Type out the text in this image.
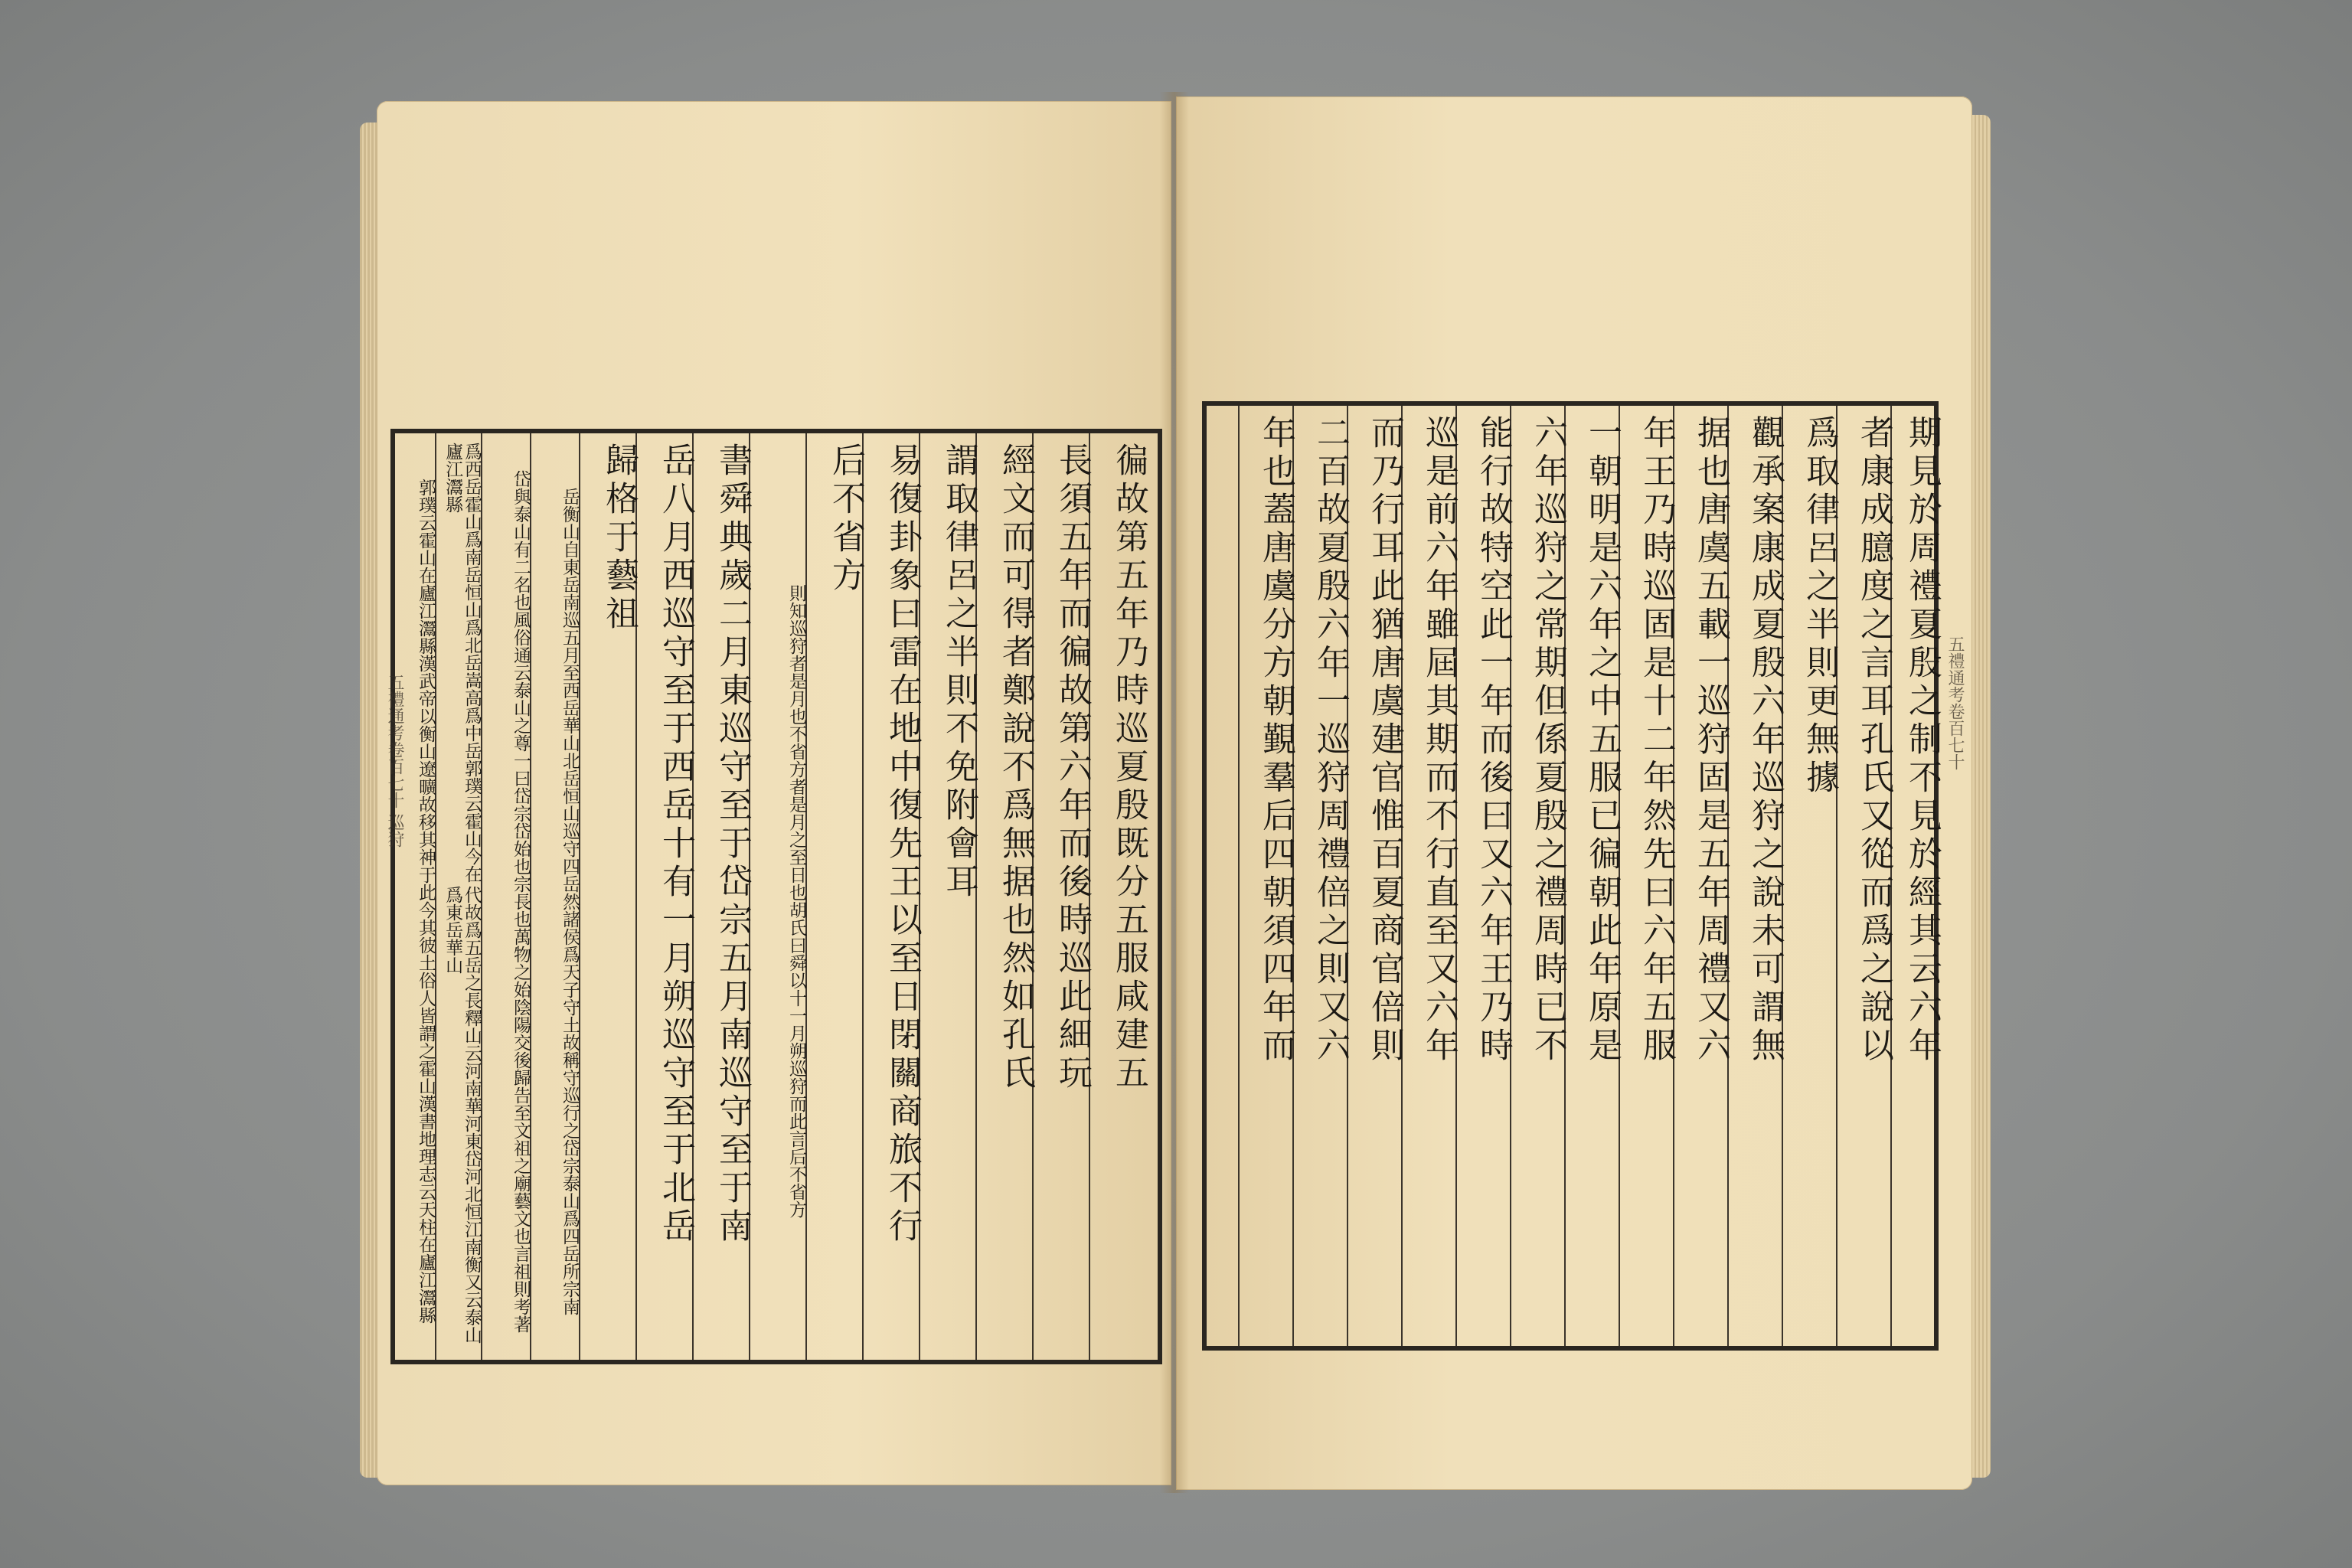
期見於周禮夏殷之制不見於經其云六年
者康成臆度之言耳孔氏又從而爲之說以
爲取律呂之半則更無據
觀承案康成夏殷六年巡狩之說未可謂無
据也唐虞五載一巡狩固是五年周禮又六
年王乃時巡固是十二年然先曰六年五服
一朝明是六年之中五服已徧朝此年原是
六年巡狩之常期但係夏殷之禮周時已不
能行故特空此一年而後曰又六年王乃時
巡是前六年雖屆其期而不行直至又六年
而乃行耳此猶唐虞建官惟百夏商官倍則
二百故夏殷六年一巡狩周禮倍之則又六
年也蓋唐虞分方朝覲羣后四朝須四年而
徧故第五年乃時巡夏殷既分五服咸建五
長須五年而徧故第六年而後時巡此細玩
經文而可得者鄭說不爲無据也然如孔氏
謂取律呂之半則不免附會耳
易復卦象曰雷在地中復先王以至日閉關商旅不行
后不省方
胡氏曰舜以十一月朔巡狩而此言后不省方
則知巡狩者是月也不省方者是月之至日也
書舜典歲二月東巡守至于岱宗五月南巡守至于南
岳八月西巡守至于西岳十有一月朔巡守至于北岳
歸格于藝祖
諸侯爲天子守土故稱守巡行之岱宗泰山爲四岳所宗南
岳衡山自東岳南巡五月至西岳華山北岳恒山巡守四岳然
後歸告至文祖之廟藝文也言祖則考著
岱與泰山有二名也風俗通云泰山之尊一曰岱宗岱始也宗長也萬物之始陰陽交
代故爲五岳之長釋山云河南華河東岱河北恒江南衡又云泰山爲東岳華山
爲西岳霍山爲南岳恒山爲北岳嵩高爲中岳郭璞云霍山今在廬江灊縣
謂之霍山漢書地理志云天柱在廬江灊縣
郭璞云霍山在廬江灊縣漢武帝以衡山遼曠故移其神于此今其彼土俗人皆
五禮通考卷百七十 巡狩	五禮通考卷百七十
